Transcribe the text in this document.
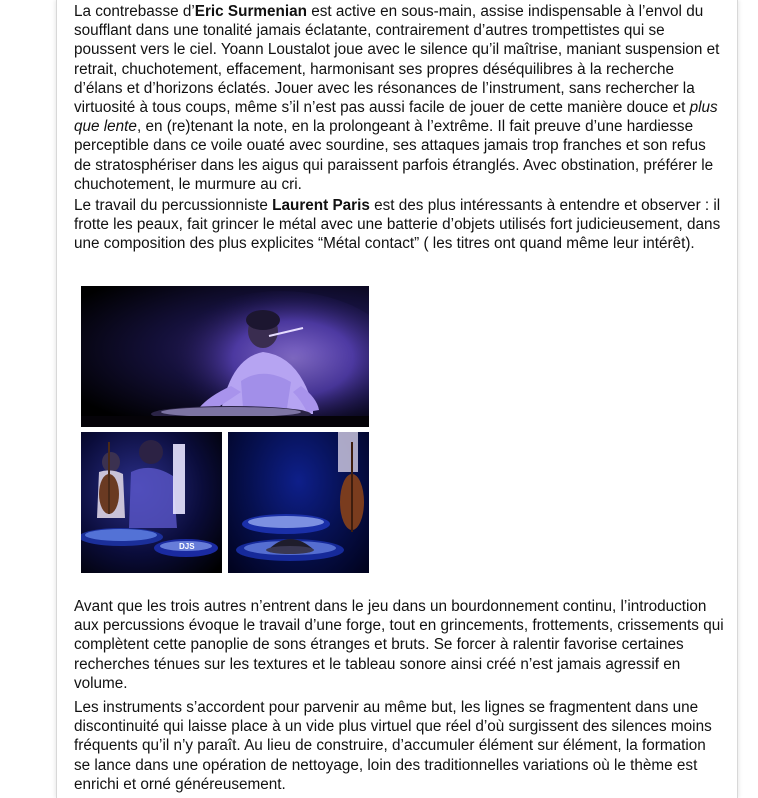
La contrebasse d’Eric Surmenian est active en sous-main, assise indispensable à l’envol du soufflant dans une tonalité jamais éclatante, contrairement d’autres trompettistes qui se poussent vers le ciel. Yoann Loustalot joue avec le silence qu’il maîtrise, maniant suspension et retrait, chuchotement, effacement, harmonisant ses propres déséquilibres à la recherche d’élans et d’horizons éclatés. Jouer avec les résonances de l’instrument, sans rechercher la virtuosité à tous coups, même s’il n’est pas aussi facile de jouer de cette manière douce et plus que lente, en (re)tenant la note, en la prolongeant à l’extrême. Il fait preuve d’une hardiesse perceptible dans ce voile ouaté avec sourdine, ses attaques jamais trop franches et son refus de stratosphériser dans les aigus qui paraissent parfois étranglés. Avec obstination, préférer le chuchotement, le murmure au cri.

Le travail du percussionniste Laurent Paris est des plus intéressants à entendre et observer : il frotte les peaux, fait grincer le métal avec une batterie d’objets utilisés fort judicieusement, dans une composition des plus explicites “Métal contact” ( les titres ont quand même leur intérêt).

DJS

Avant que les trois autres n’entrent dans le jeu dans un bourdonnement continu, l’introduction aux percussions évoque le travail d’une forge, tout en grincements, frottements, crissements qui complètent cette panoplie de sons étranges et bruts. Se forcer à ralentir favorise certaines recherches ténues sur les textures et le tableau sonore ainsi créé n’est jamais agressif en volume.

Les instruments s’accordent pour parvenir au même but, les lignes se fragmentent dans une discontinuité qui laisse place à un vide plus virtuel que réel d’où surgissent des silences moins fréquents qu’il n’y paraît. Au lieu de construire, d’accumuler élément sur élément, la formation se lance dans une opération de nettoyage, loin des traditionnelles variations où le thème est enrichi et orné généreusement.
